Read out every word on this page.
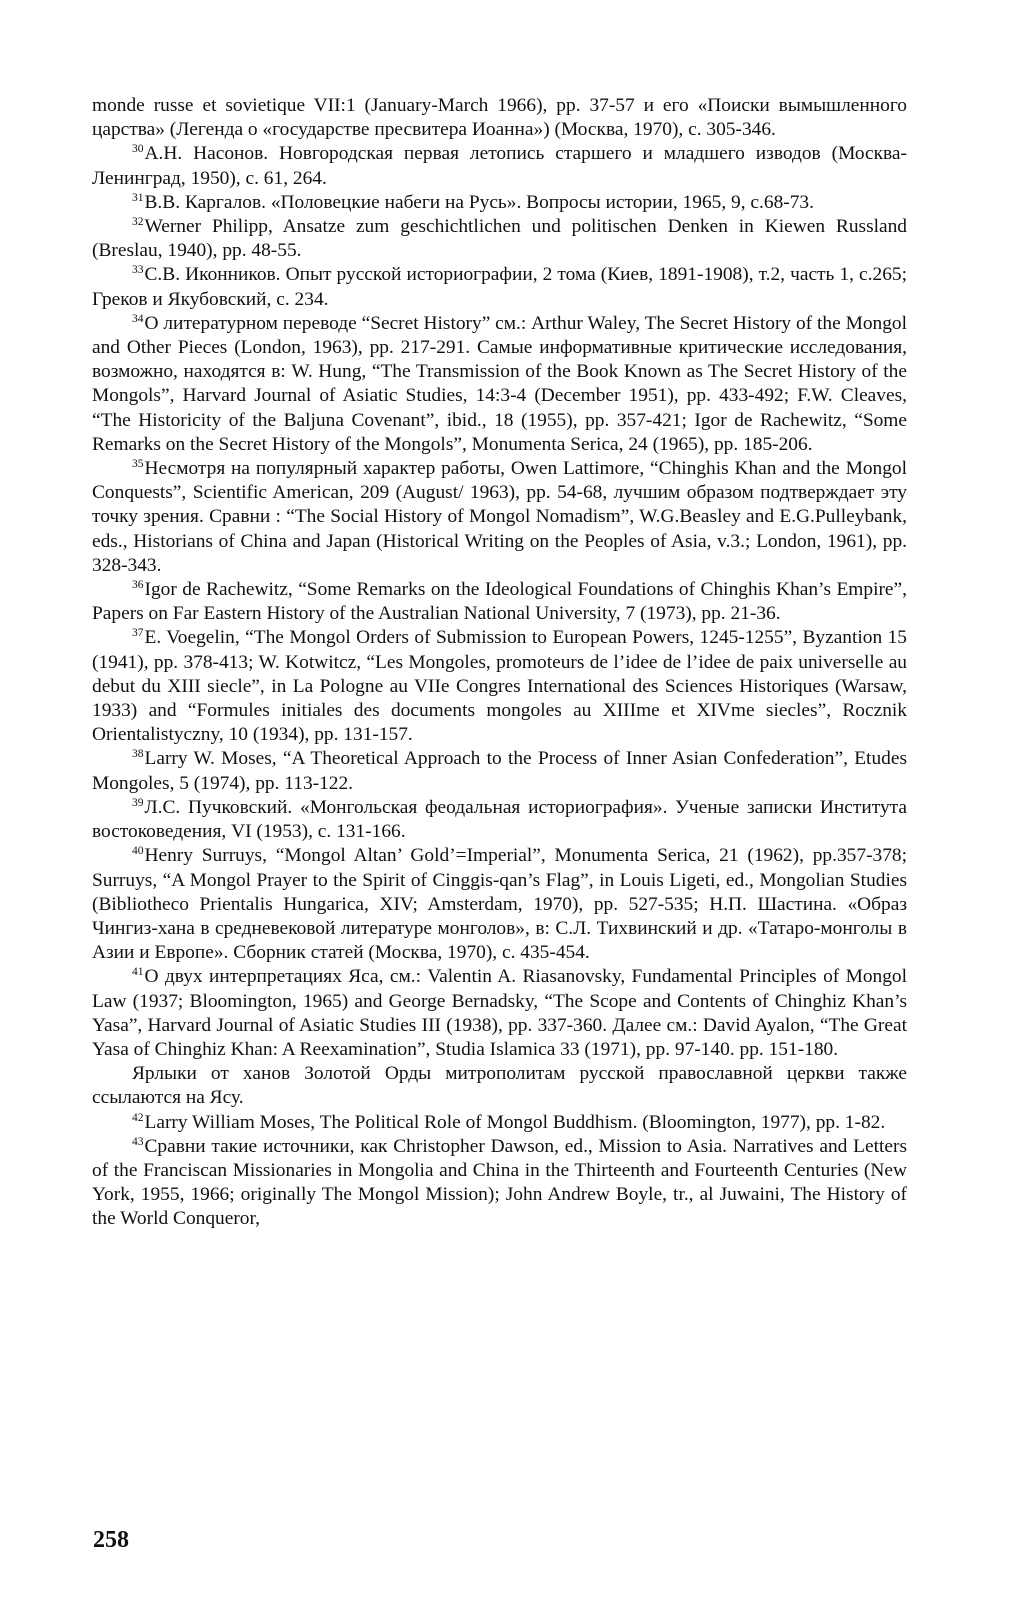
monde russe et sovietique VII:1 (January-March 1966), pp. 37-57 и его «Поиски вымышленного царства» (Легенда о «государстве пресвитера Иоанна») (Москва, 1970), с. 305-346.

$^{30}$А.Н. Насонов. Новгородская первая летопись старшего и младшего изводов (Москва-Ленинград, 1950), с. 61, 264.

$^{31}$В.В. Каргалов. «Половецкие набеги на Русь». Вопросы истории, 1965, 9, с.68-73.

$^{32}$Werner Philipp, Ansatze zum geschichtlichen und politischen Denken in Kiewen Russland (Breslau, 1940), pp. 48-55.

$^{33}$С.В. Иконников. Опыт русской историографии, 2 тома (Киев, 1891-1908), т.2, часть 1, с.265; Греков и Якубовский, с. 234.

$^{34}$О литературном переводе “Secret History” см.: Arthur Waley, The Secret History of the Mongol and Other Pieces (London, 1963), pp. 217-291. Самые информативные критические исследования, возможно, находятся в: W. Hung, “The Transmission of the Book Known as The Secret History of the Mongols”, Harvard Journal of Asiatic Studies, 14:3-4 (December 1951), pp. 433-492; F.W. Cleaves, “The Historicity of the Baljuna Covenant”, ibid., 18 (1955), pp. 357-421; Igor de Rachewitz, “Some Remarks on the Secret History of the Mongols”, Monumenta Serica, 24 (1965), pp. 185-206.

$^{35}$Несмотря на популярный характер работы, Owen Lattimore, “Chinghis Khan and the Mongol Conquests”, Scientific American, 209 (August/ 1963), pp. 54-68, лучшим образом подтверждает эту точку зрения. Сравни : “The Social History of Mongol Nomadism”, W.G.Beasley and E.G.Pulleybank, eds., Historians of China and Japan (Historical Writing on the Peoples of Asia, v.3.; London, 1961), pp. 328-343.

$^{36}$Igor de Rachewitz, “Some Remarks on the Ideological Foundations of Chinghis Khan’s Empire”, Papers on Far Eastern History of the Australian National University, 7 (1973), pp. 21-36.

$^{37}$E. Voegelin, “The Mongol Orders of Submission to European Powers, 1245-1255”, Byzantion 15 (1941), pp. 378-413; W. Kotwitcz, “Les Mongoles, promoteurs de l’idee de l’idee de paix universelle au debut du XIII siecle”, in La Pologne au VIIe Congres International des Sciences Historiques (Warsaw, 1933) and “Formules initiales des documents mongoles au XIIIme et XIVme siecles”, Rocznik Orientalistyczny, 10 (1934), pp. 131-157.

$^{38}$Larry W. Moses, “A Theoretical Approach to the Process of Inner Asian Confederation”, Etudes Mongoles, 5 (1974), pp. 113-122.

$^{39}$Л.С. Пучковский. «Монгольская феодальная историография». Ученые записки Института востоковедения, VI (1953), с. 131-166.

$^{40}$Henry Surruys, “Mongol Altan’ Gold’=Imperial”, Monumenta Serica, 21 (1962), pp.357-378; Surruys, “A Mongol Prayer to the Spirit of Cinggis-qan’s Flag”, in Louis Ligeti, ed., Mongolian Studies (Bibliotheco Prientalis Hungarica, XIV; Amsterdam, 1970), pp. 527-535; Н.П. Шастина. «Образ Чингиз-хана в средневековой литературе монголов», в: С.Л. Тихвинский и др. «Татаро-монголы в Азии и Европе». Сборник статей (Москва, 1970), с. 435-454.

$^{41}$О двух интерпретациях Яса, см.: Valentin A. Riasanovsky, Fundamental Principles of Mongol Law (1937; Bloomington, 1965) and George Bernadsky, “The Scope and Contents of Chinghiz Khan’s Yasa”, Harvard Journal of Asiatic Studies III (1938), pp. 337-360. Далее см.: David Ayalon, “The Great Yasa of Chinghiz Khan: A Reexamination”, Studia Islamica 33 (1971), pp. 97-140. pp. 151-180.

Ярлыки от ханов Золотой Орды митрополитам русской православной церкви также ссылаются на Ясу.

$^{42}$Larry William Moses, The Political Role of Mongol Buddhism. (Bloomington, 1977), pp. 1-82.

$^{43}$Сравни такие источники, как Christopher Dawson, ed., Mission to Asia. Narratives and Letters of the Franciscan Missionaries in Mongolia and China in the Thirteenth and Fourteenth Centuries (New York, 1955, 1966; originally The Mongol Mission); John Andrew Boyle, tr., al Juwaini, The History of the World Conqueror,

258
